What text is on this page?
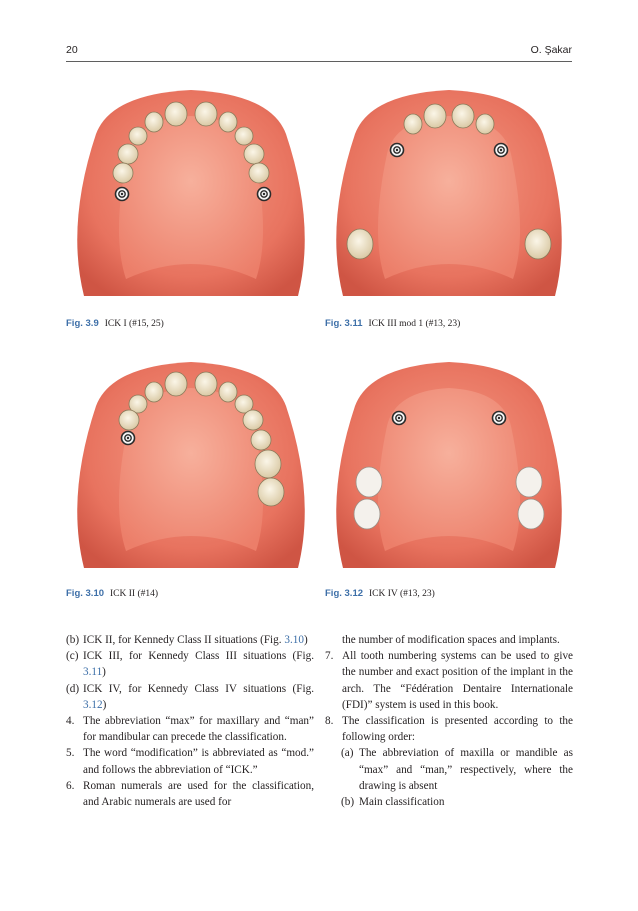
20	O. Şakar
Fig. 3.9 ICK I (#15, 25)	Fig. 3.11 ICK III mod 1 (#13, 23)
Fig. 3.10 ICK II (#14)	Fig. 3.12 ICK IV (#13, 23)
(b) ICK II, for Kennedy Class II situations (Fig. 3.10)
(c) ICK III, for Kennedy Class III situations (Fig. 3.11)
(d) ICK IV, for Kennedy Class IV situations (Fig. 3.12)
4. The abbreviation “max” for maxillary and “man” for mandibular can precede the classification.
5. The word “modification” is abbreviated as “mod.” and follows the abbreviation of “ICK.”
6. Roman numerals are used for the classification, and Arabic numerals are used for
the number of modification spaces and implants.
7. All tooth numbering systems can be used to give the number and exact position of the implant in the arch. The “Fédération Dentaire Internationale (FDI)” system is used in this book.
8. The classification is presented according to the following order:
(a) The abbreviation of maxilla or mandible as “max” and “man,” respectively, where the drawing is absent
(b) Main classification
